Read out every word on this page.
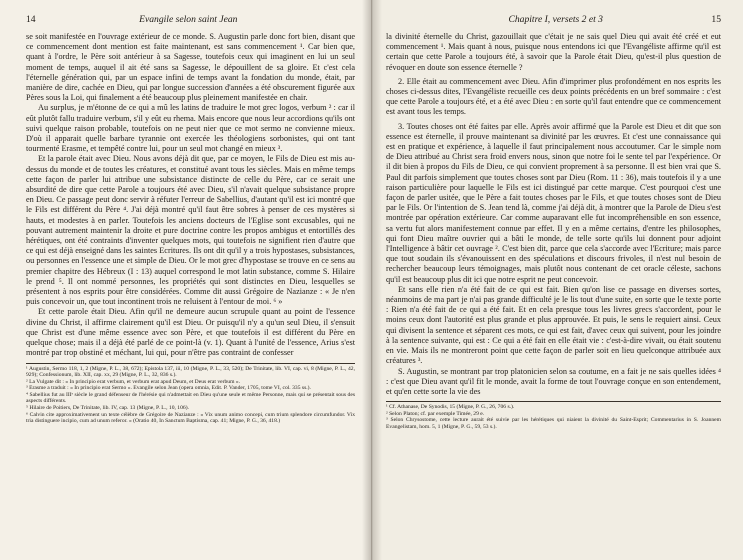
14	Evangile selon saint Jean

se soit manifestée en l'ouvrage extérieur de ce monde. S. Augustin parle donc fort bien, disant que ce commencement dont mention est faite maintenant, est sans commencement ¹. Car bien que, quant à l'ordre, le Père soit antérieur à sa Sagesse, toutefois ceux qui imaginent en lui un seul moment de temps, auquel il ait été sans sa Sagesse, le dépouillent de sa gloire. Et c'est cela l'éternelle génération qui, par un espace infini de temps avant la fondation du monde, était, par manière de dire, cachée en Dieu, qui par longue succession d'années a été obscurement figurée aux Pères sous la Loi, qui finalement a été beaucoup plus pleinement manifestée en chair.

Au surplus, je m'étonne de ce qui a mû les latins de traduire le mot grec logos, verbum ² : car il eût plutôt fallu traduire verbum, s'il y eût eu rhema. Mais encore que nous leur accordions qu'ils ont suivi quelque raison probable, toutefois on ne peut nier que ce mot sermo ne convienne mieux. D'où il apparait quelle barbare tyrannie ont exercée les théologiens sorbonistes, qui ont tant tourmenté Erasme, et tempêté contre lui, pour un seul mot changé en mieux ³.

Et la parole était avec Dieu. Nous avons déjà dit que, par ce moyen, le Fils de Dieu est mis au-dessus du monde et de toutes les créatures, et constitué avant tous les siècles. Mais en même temps cette façon de parler lui attribue une subsistance distincte de celle du Père, car ce serait une absurdité de dire que cette Parole a toujours été avec Dieu, s'il n'avait quelque subsistance propre en Dieu. Ce passage peut donc servir à réfuter l'erreur de Sabellius, d'autant qu'il est ici montré que le Fils est différent du Père ⁴. J'ai déjà montré qu'il faut être sobres à penser de ces mystères si hauts, et modestes à en parler. Toutefois les anciens docteurs de l'Eglise sont excusables, qui ne pouvant autrement maintenir la droite et pure doctrine contre les propos ambigus et entortillés des hérétiques, ont été contraints d'inventer quelques mots, qui toutefois ne signifient rien d'autre que ce qui est déjà enseigné dans les saintes Ecritures. Ils ont dit qu'il y a trois hypostases, subsistances, ou personnes en l'essence une et simple de Dieu. Or le mot grec d'hypostase se trouve en ce sens au premier chapitre des Hébreux (I : 13) auquel correspond le mot latin substance, comme S. Hilaire le prend ⁵. Il ont nommé personnes, les propriétés qui sont distinctes en Dieu, lesquelles se présentent à nos esprits pour être considérées. Comme dit aussi Grégoire de Nazianze : « Je n'en puis concevoir un, que tout incontinent trois ne reluisent à l'entour de moi. ⁶ »

Et cette parole était Dieu. Afin qu'il ne demeure aucun scrupule quant au point de l'essence divine du Christ, il affirme clairement qu'il est Dieu. Or puisqu'il n'y a qu'un seul Dieu, il s'ensuit que Christ est d'une même essence avec son Père, et que toutefois il est différent du Père en quelque chose; mais il a déjà été parlé de ce point-là (v. 1). Quant à l'unité de l'essence, Arius s'est montré par trop obstiné et méchant, lui qui, pour n'être pas contraint de confesser

¹ Augustin, Sermo 118, 1, 2 (Migne, P. L., 38, 672); Epistola 137, iii, 10 (Migne, P. L., 33, 520); De Trinitate, lib. VI, cap. vi, 8 (Migne, P. L., 42, 929); Confessionum, lib. XII, cap. xx, 29 (Migne, P. L., 32, 836 s.).

² La Vulgate dit : « In principio erat verbum, et verbum erat apud Deum, et Deus erat verbum ».

³ Erasme a traduit : « In principio erat Sermo ». Evangile selon Jean (opera omnia, Edit. P. Vander, 1705, tome VI, col. 335 ss.).

⁴ Sabellius fut au IIIᵉ siècle le grand défenseur de l'hérésie qui n'admettait en Dieu qu'une seule et même Personne, mais qui se présentait sous des aspects différents.

⁵ Hilaire de Poitiers, De Trinitate, lib. IV, cap. 13 (Migne, P. L., 10, 106).

⁶ Calvin cite approximativement un texte célèbre de Grégoire de Nazianze : « Vix unum animo concepi, cum trium splendore circumfundor. Vix tria distinguere incipio, cum ad unum referor. » (Oratio 40, In Sanctum Baptisma, cap. 41; Migne, P. G., 36, 418.)

Chapitre I, versets 2 et 3	15

la divinité éternelle du Christ, gazouillait que c'était je ne sais quel Dieu qui avait été créé et eut commencement ¹. Mais quant à nous, puisque nous entendons ici que l'Evangéliste affirme qu'il est certain que cette Parole a toujours été, à savoir que la Parole était Dieu, qu'est-il plus question de révoquer en doute son essence éternelle ?

2. Elle était au commencement avec Dieu. Afin d'imprimer plus profondément en nos esprits les choses ci-dessus dites, l'Evangéliste recueille ces deux points précédents en un bref sommaire : c'est que cette Parole a toujours été, et a été avec Dieu : en sorte qu'il faut entendre que ce commencement est avant tous les temps.

3. Toutes choses ont été faites par elle. Après avoir affirmé que la Parole est Dieu et dit que son essence est éternelle, il prouve maintenant sa divinité par les œuvres. Et c'est une connaissance qui est en pratique et expérience, à laquelle il faut principalement nous accoutumer. Car le simple nom de Dieu attribué au Christ sera froid envers nous, sinon que notre foi le sente tel par l'expérience. Or il dit bien à propos du Fils de Dieu, ce qui convient proprement à sa personne. Il est bien vrai que S. Paul dit parfois simplement que toutes choses sont par Dieu (Rom. 11 : 36), mais toutefois il y a une raison particulière pour laquelle le Fils est ici distingué par cette marque. C'est pourquoi c'est une façon de parler usitée, que le Père a fait toutes choses par le Fils, et que toutes choses sont de Dieu par le Fils. Or l'intention de S. Jean tend là, comme j'ai déjà dit, à montrer que la Parole de Dieu s'est montrée par opération extérieure. Car comme auparavant elle fut incompréhensible en son essence, sa vertu fut alors manifestement connue par effet. Il y en a même certains, d'entre les philosophes, qui font Dieu maître ouvrier qui a bâti le monde, de telle sorte qu'ils lui donnent pour adjoint l'Intelligence à bâtir cet ouvrage ². C'est bien dit, parce que cela s'accorde avec l'Ecriture; mais parce que tout soudain ils s'évanouissent en des spéculations et discours frivoles, il n'est nul besoin de rechercher beaucoup leurs témoignages, mais plutôt nous contenant de cet oracle céleste, sachons qu'il est beaucoup plus dit ici que notre esprit ne peut concevoir.

Et sans elle rien n'a été fait de ce qui est fait. Bien qu'on lise ce passage en diverses sortes, néanmoins de ma part je n'ai pas grande difficulté je le lis tout d'une suite, en sorte que le texte porte : Rien n'a été fait de ce qui a été fait. Et en cela presque tous les livres grecs s'accordent, pour le moins ceux dont l'autorité est plus grande et plus approuvée. Et puis, le sens le requiert ainsi. Ceux qui divisent la sentence et séparent ces mots, ce qui est fait, d'avec ceux qui suivent, pour les joindre à la sentence suivante, qui est : Ce qui a été fait en elle était vie : c'est-à-dire vivait, ou était soutenu en vie. Mais ils ne montreront point que cette façon de parler soit en lieu quelconque attribuée aux créatures ³.

S. Augustin, se montrant par trop platonicien selon sa coutume, en a fait je ne sais quelles idées ⁴ : c'est que Dieu avant qu'il fit le monde, avait la forme de tout l'ouvrage conçue en son entendement, et qu'en cette sorte la vie des

¹ Cf. Athanase, De Synodis, 15 (Migne, P. G., 26, 706 s.).

² Selon Platon; cf. par exemple Timée, 29 e.

³ Selon Chrysostome, cette lecture aurait été suivie par les hérétiques qui niaient la divinité du Saint-Esprit; Commentarius in S. Joannem Evangelistam, hom. 5, 1 (Migne, P. G., 59, 53 s.).
